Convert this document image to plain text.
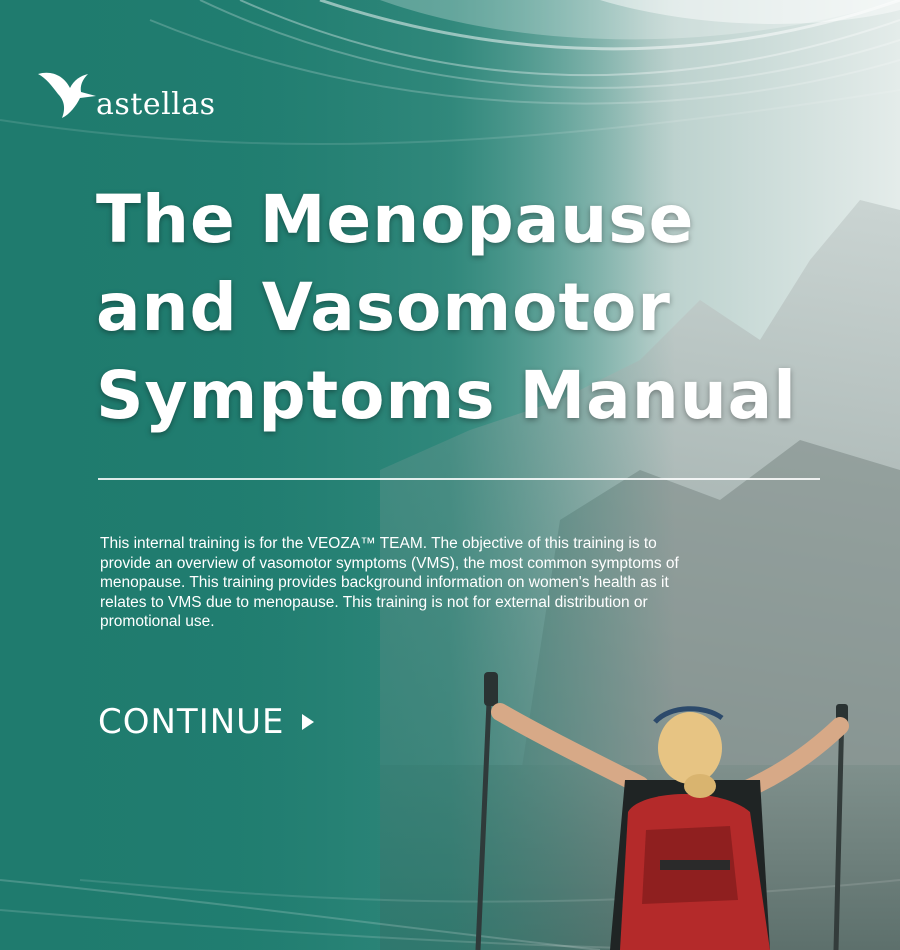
astellas
The Menopause
and Vasomotor
Symptoms Manual

This internal training is for the VEOZA™ TEAM. The objective of this training is to provide an overview of vasomotor symptoms (VMS), the most common symptoms of menopause. This training provides background information on women's health as it relates to VMS due to menopause. This training is not for external distribution or promotional use.

CONTINUE
